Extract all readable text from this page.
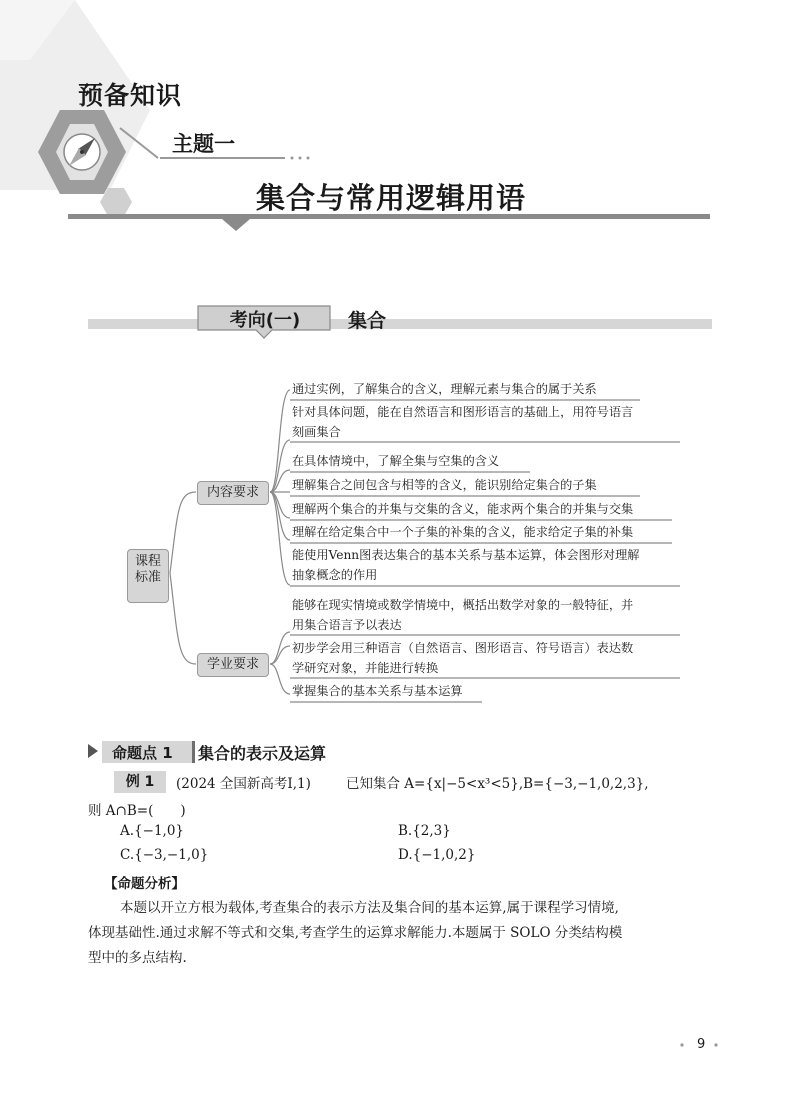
预备知识
主题一
集合与常用逻辑用语
考向(一)	集合
课程
标准
内容要求
学业要求
通过实例，了解集合的含义，理解元素与集合的属于关系
针对具体问题，能在自然语言和图形语言的基础上，用符号语言
刻画集合
在具体情境中，了解全集与空集的含义
理解集合之间包含与相等的含义，能识别给定集合的子集
理解两个集合的并集与交集的含义，能求两个集合的并集与交集
理解在给定集合中一个子集的补集的含义，能求给定子集的补集
能使用Venn图表达集合的基本关系与基本运算，体会图形对理解
抽象概念的作用
能够在现实情境或数学情境中，概括出数学对象的一般特征，并
用集合语言予以表达
初步学会用三种语言（自然语言、图形语言、符号语言）表达数
学研究对象，并能进行转换
掌握集合的基本关系与基本运算
命题点 1 集合的表示及运算
例 1	(2024 全国新高考Ⅰ,1)	已知集合 A={x|−5<x³<5},B={−3,−1,0,2,3},
则 A∩B=(　　)
A.{−1,0}	B.{2,3}
C.{−3,−1,0}	D.{−1,0,2}
【命题分析】
本题以开立方根为载体,考查集合的表示方法及集合间的基本运算,属于课程学习情境,
体现基础性.通过求解不等式和交集,考查学生的运算求解能力.本题属于 SOLO 分类结构模
型中的多点结构.
9
